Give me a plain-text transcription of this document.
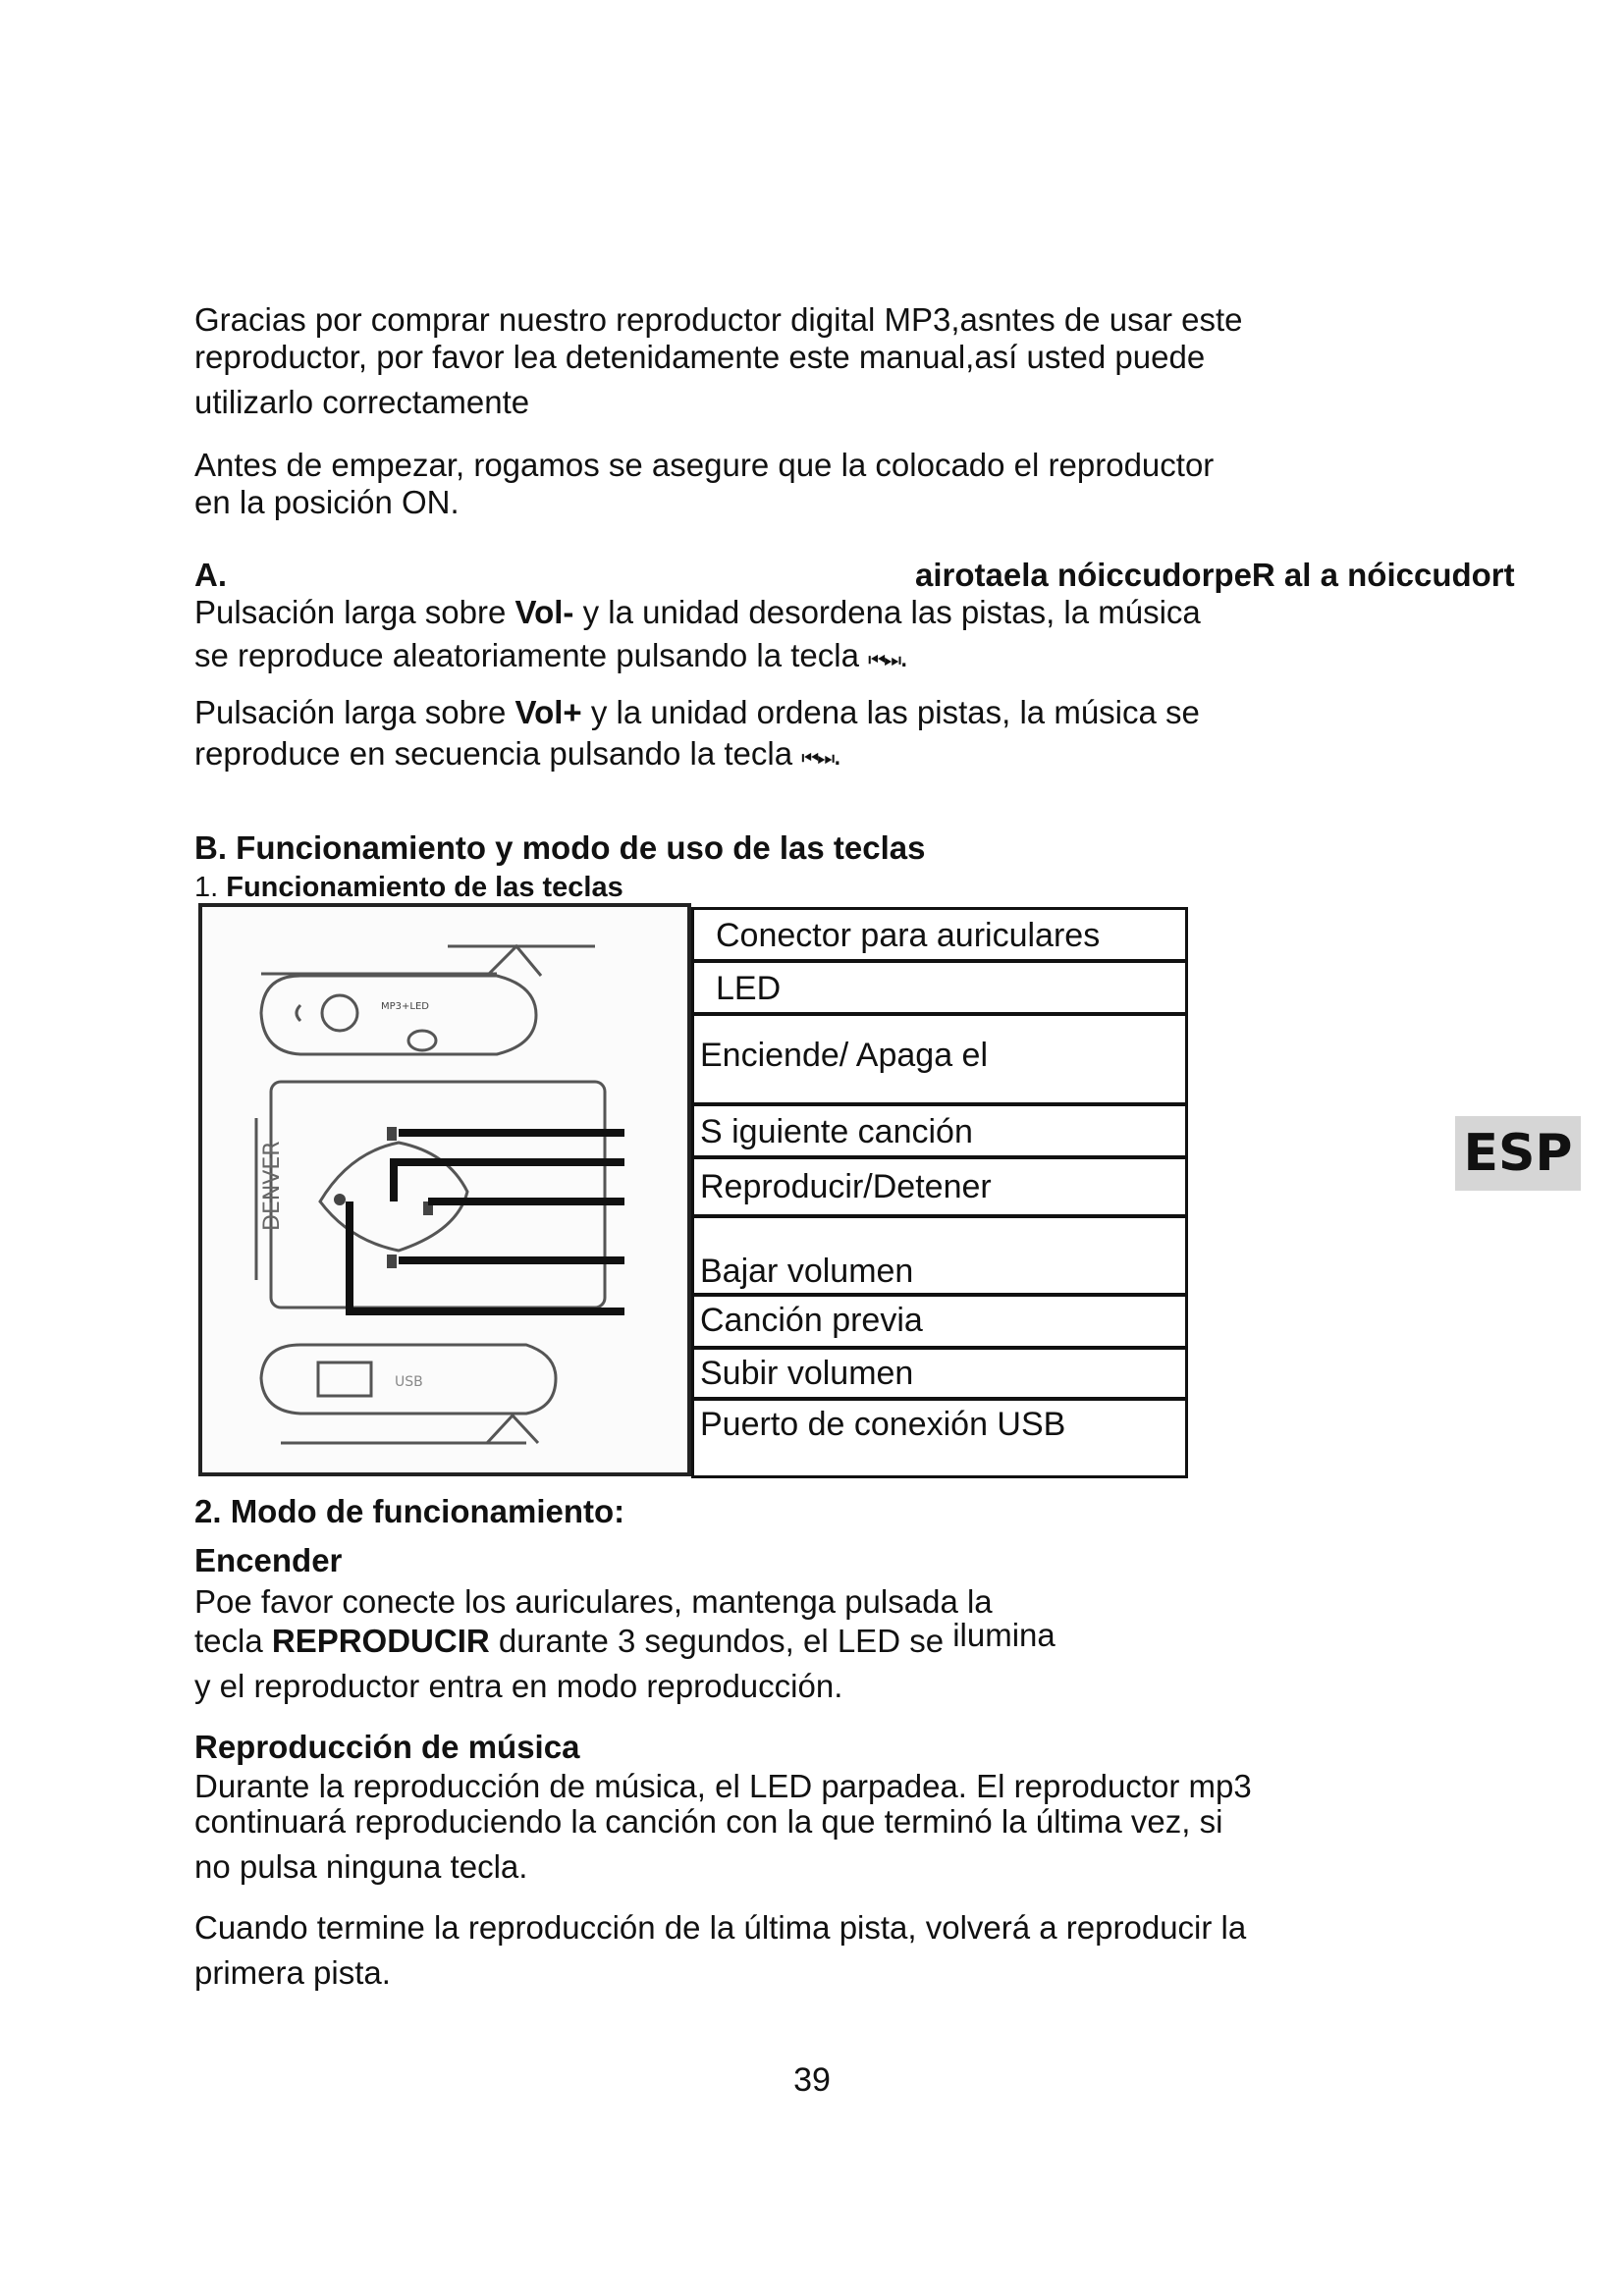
Gracias por comprar nuestro reproductor digital MP3,asntes de usar este

reproductor, por favor lea detenidamente este manual,así usted puede

utilizarlo correctamente

Antes de empezar, rogamos se asegure que la colocado el reproductor

en la posición ON.

A.	airotaela nóiccudorpeR al a nóiccudort

Pulsación larga sobre Vol- y la unidad desordena las pistas, la música

se reproduce aleatoriamente pulsando la tecla ⏮⏭.

Pulsación larga sobre Vol+ y la unidad ordena las pistas, la música se

reproduce en secuencia pulsando la tecla ⏮⏭.

B. Funcionamiento y modo de uso de las teclas

1. Funcionamiento de las teclas

DENVER
USB
MP3+LED
Conector para auriculares
LED
Enciende/ Apaga el
S iguiente canción
Reproducir/Detener
Bajar volumen
Canción previa
Subir volumen
Puerto de conexión USB

2. Modo de funcionamiento:

Encender

Poe favor conecte los auriculares, mantenga pulsada la

tecla REPRODUCIR durante 3 segundos, el LED se ilumina

y el reproductor entra en modo reproducción.

Reproducción de música

Durante la reproducción de música, el LED parpadea. El reproductor mp3

continuará reproduciendo la canción con la que terminó la última vez, si

no pulsa ninguna tecla.

Cuando termine la reproducción de la última pista, volverá a reproducir la

primera pista.

ESP
39
